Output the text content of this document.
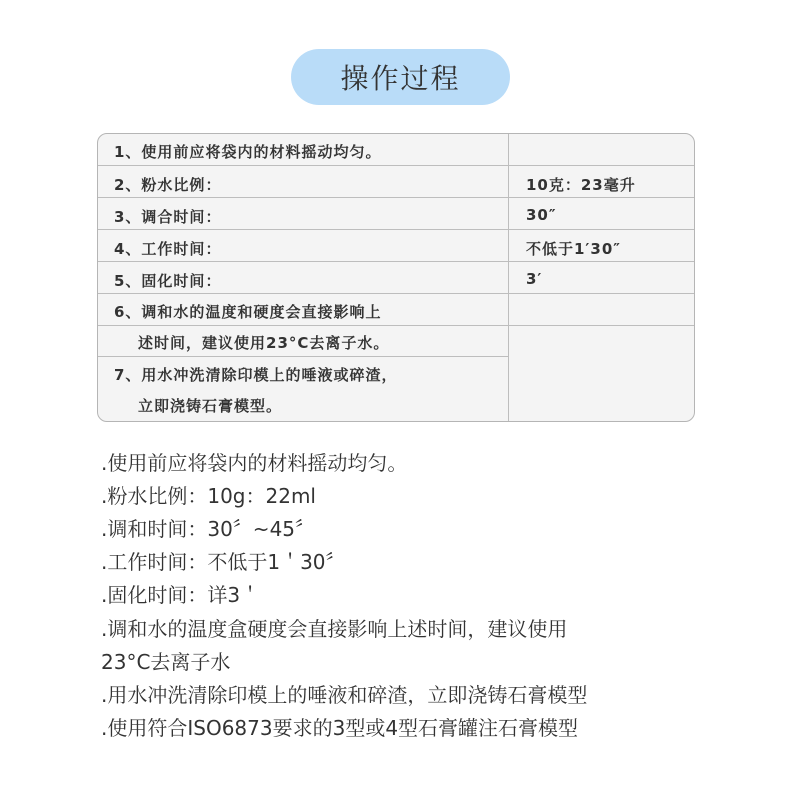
操作过程
1、使用前应将袋内的材料摇动均匀。
2、粉水比例：
3、调合时间：
4、工作时间：
5、固化时间：
6、调和水的温度和硬度会直接影响上
述时间，建议使用23°C去离子水。
7、用水冲洗清除印模上的唾液或碎渣，
立即浇铸石膏模型。
10克：23毫升
30″
不低于1′30″
3′
.使用前应将袋内的材料摇动均匀。
.粉水比例：10g：22ml
.调和时间：30〞~45〞
.工作时间：不低于1＇30〞
.固化时间：详3＇
.调和水的温度盒硬度会直接影响上述时间，建议使用
23°C去离子水
.用水冲洗清除印模上的唾液和碎渣，立即浇铸石膏模型
.使用符合ISO6873要求的3型或4型石膏罐注石膏模型
